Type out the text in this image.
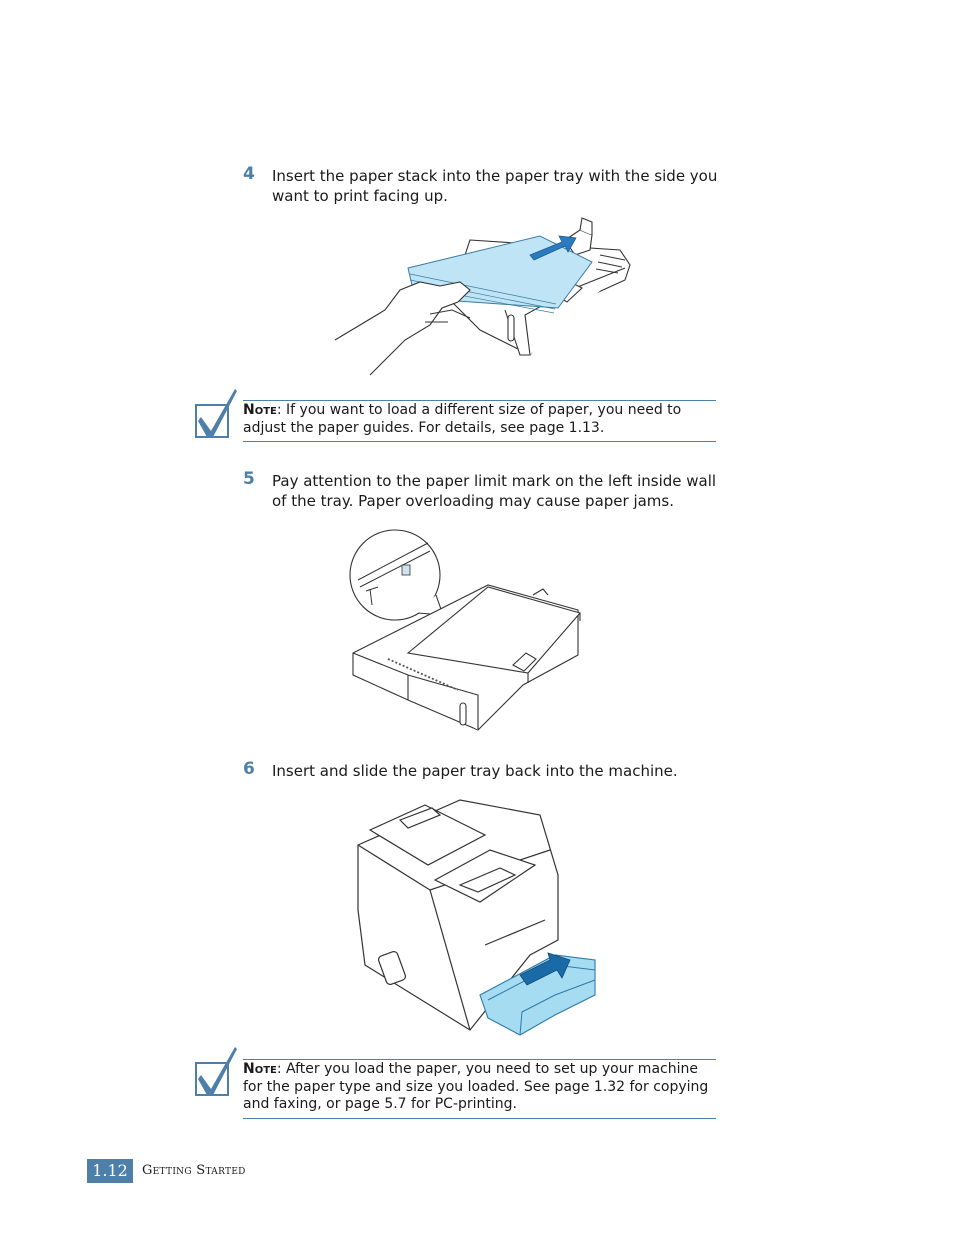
4 Insert the paper stack into the paper tray with the side you want to print facing up.
Note: If you want to load a different size of paper, you need to adjust the paper guides. For details, see page 1.13.
5 Pay attention to the paper limit mark on the left inside wall of the tray. Paper overloading may cause paper jams.
6 Insert and slide the paper tray back into the machine.
Note: After you load the paper, you need to set up your machine for the paper type and size you loaded. See page 1.32 for copying and faxing, or page 5.7 for PC-printing.
1.12	Getting Started
